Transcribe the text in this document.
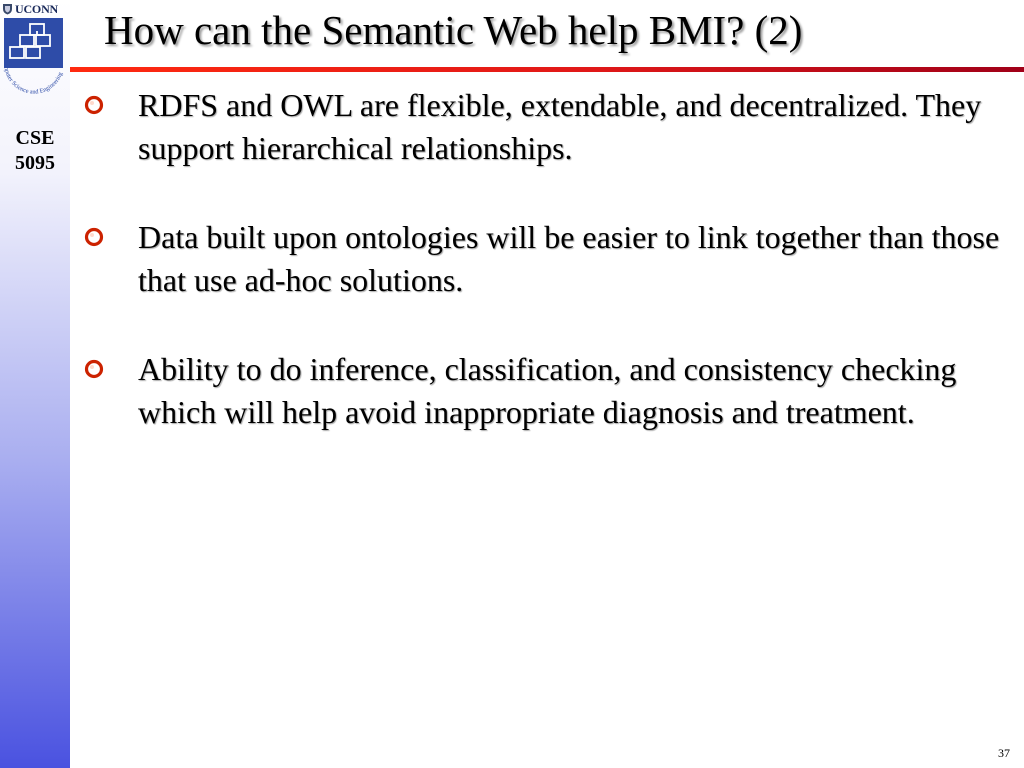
UCONN
Computer Science and Engineering
CSE
5095
How can the Semantic Web help BMI? (2)
RDFS and OWL are flexible, extendable, and decentralized. They support hierarchical relationships.
Data built upon ontologies will be easier to link together than those that use ad-hoc solutions.
Ability to do inference, classification, and consistency checking which will help avoid inappropriate diagnosis and treatment.
37
